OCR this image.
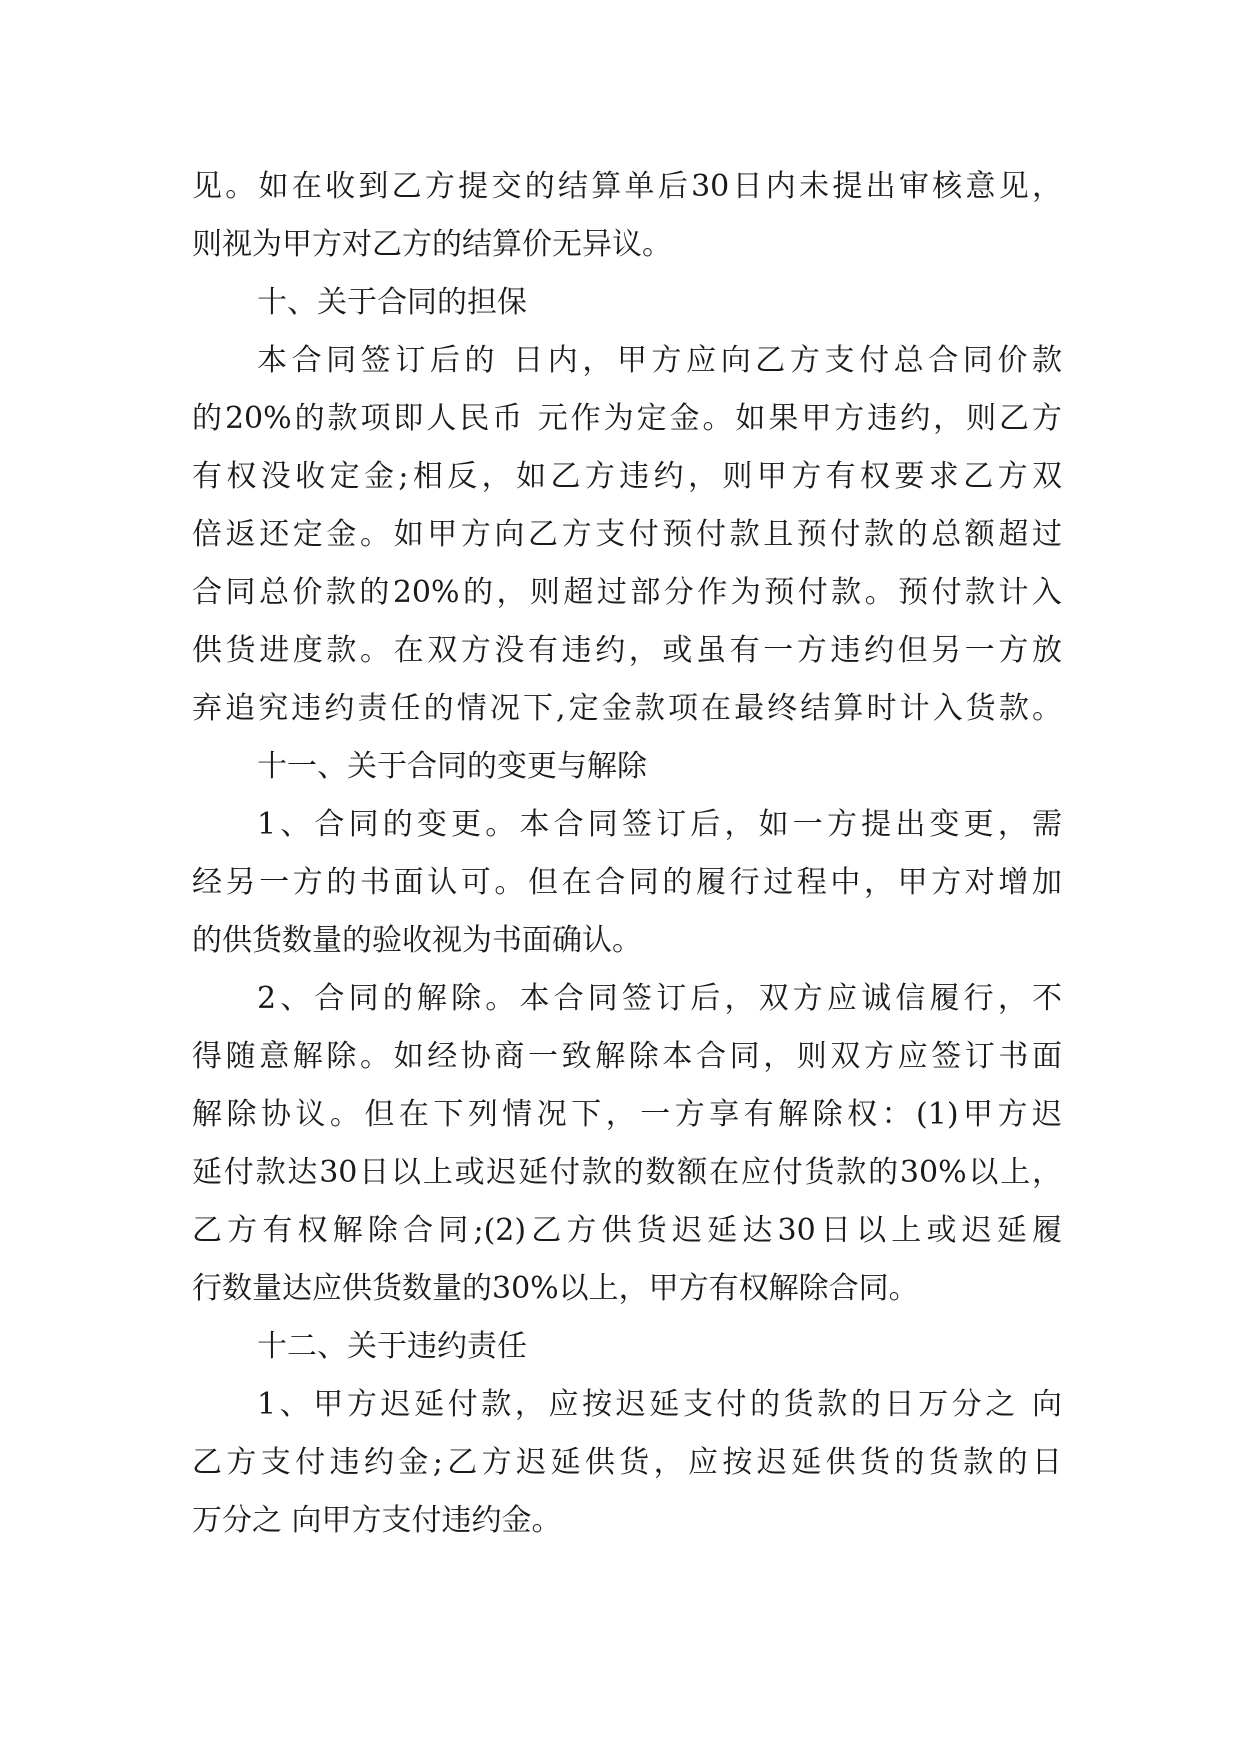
见。如在收到乙方提交的结算单后30日内未提出审核意见，
则视为甲方对乙方的结算价无异议。
十、关于合同的担保
本合同签订后的 日内，甲方应向乙方支付总合同价款
的20%的款项即人民币 元作为定金。如果甲方违约，则乙方
有权没收定金;相反，如乙方违约，则甲方有权要求乙方双
倍返还定金。如甲方向乙方支付预付款且预付款的总额超过
合同总价款的20%的，则超过部分作为预付款。预付款计入
供货进度款。在双方没有违约，或虽有一方违约但另一方放
弃追究违约责任的情况下,定金款项在最终结算时计入货款。
十一、关于合同的变更与解除
1、合同的变更。本合同签订后，如一方提出变更，需
经另一方的书面认可。但在合同的履行过程中，甲方对增加
的供货数量的验收视为书面确认。
2、合同的解除。本合同签订后，双方应诚信履行，不
得随意解除。如经协商一致解除本合同，则双方应签订书面
解除协议。但在下列情况下，一方享有解除权：(1)甲方迟
延付款达30日以上或迟延付款的数额在应付货款的30%以上，
乙方有权解除合同;(2)乙方供货迟延达30日以上或迟延履
行数量达应供货数量的30%以上，甲方有权解除合同。
十二、关于违约责任
1、甲方迟延付款，应按迟延支付的货款的日万分之 向
乙方支付违约金;乙方迟延供货，应按迟延供货的货款的日
万分之 向甲方支付违约金。
